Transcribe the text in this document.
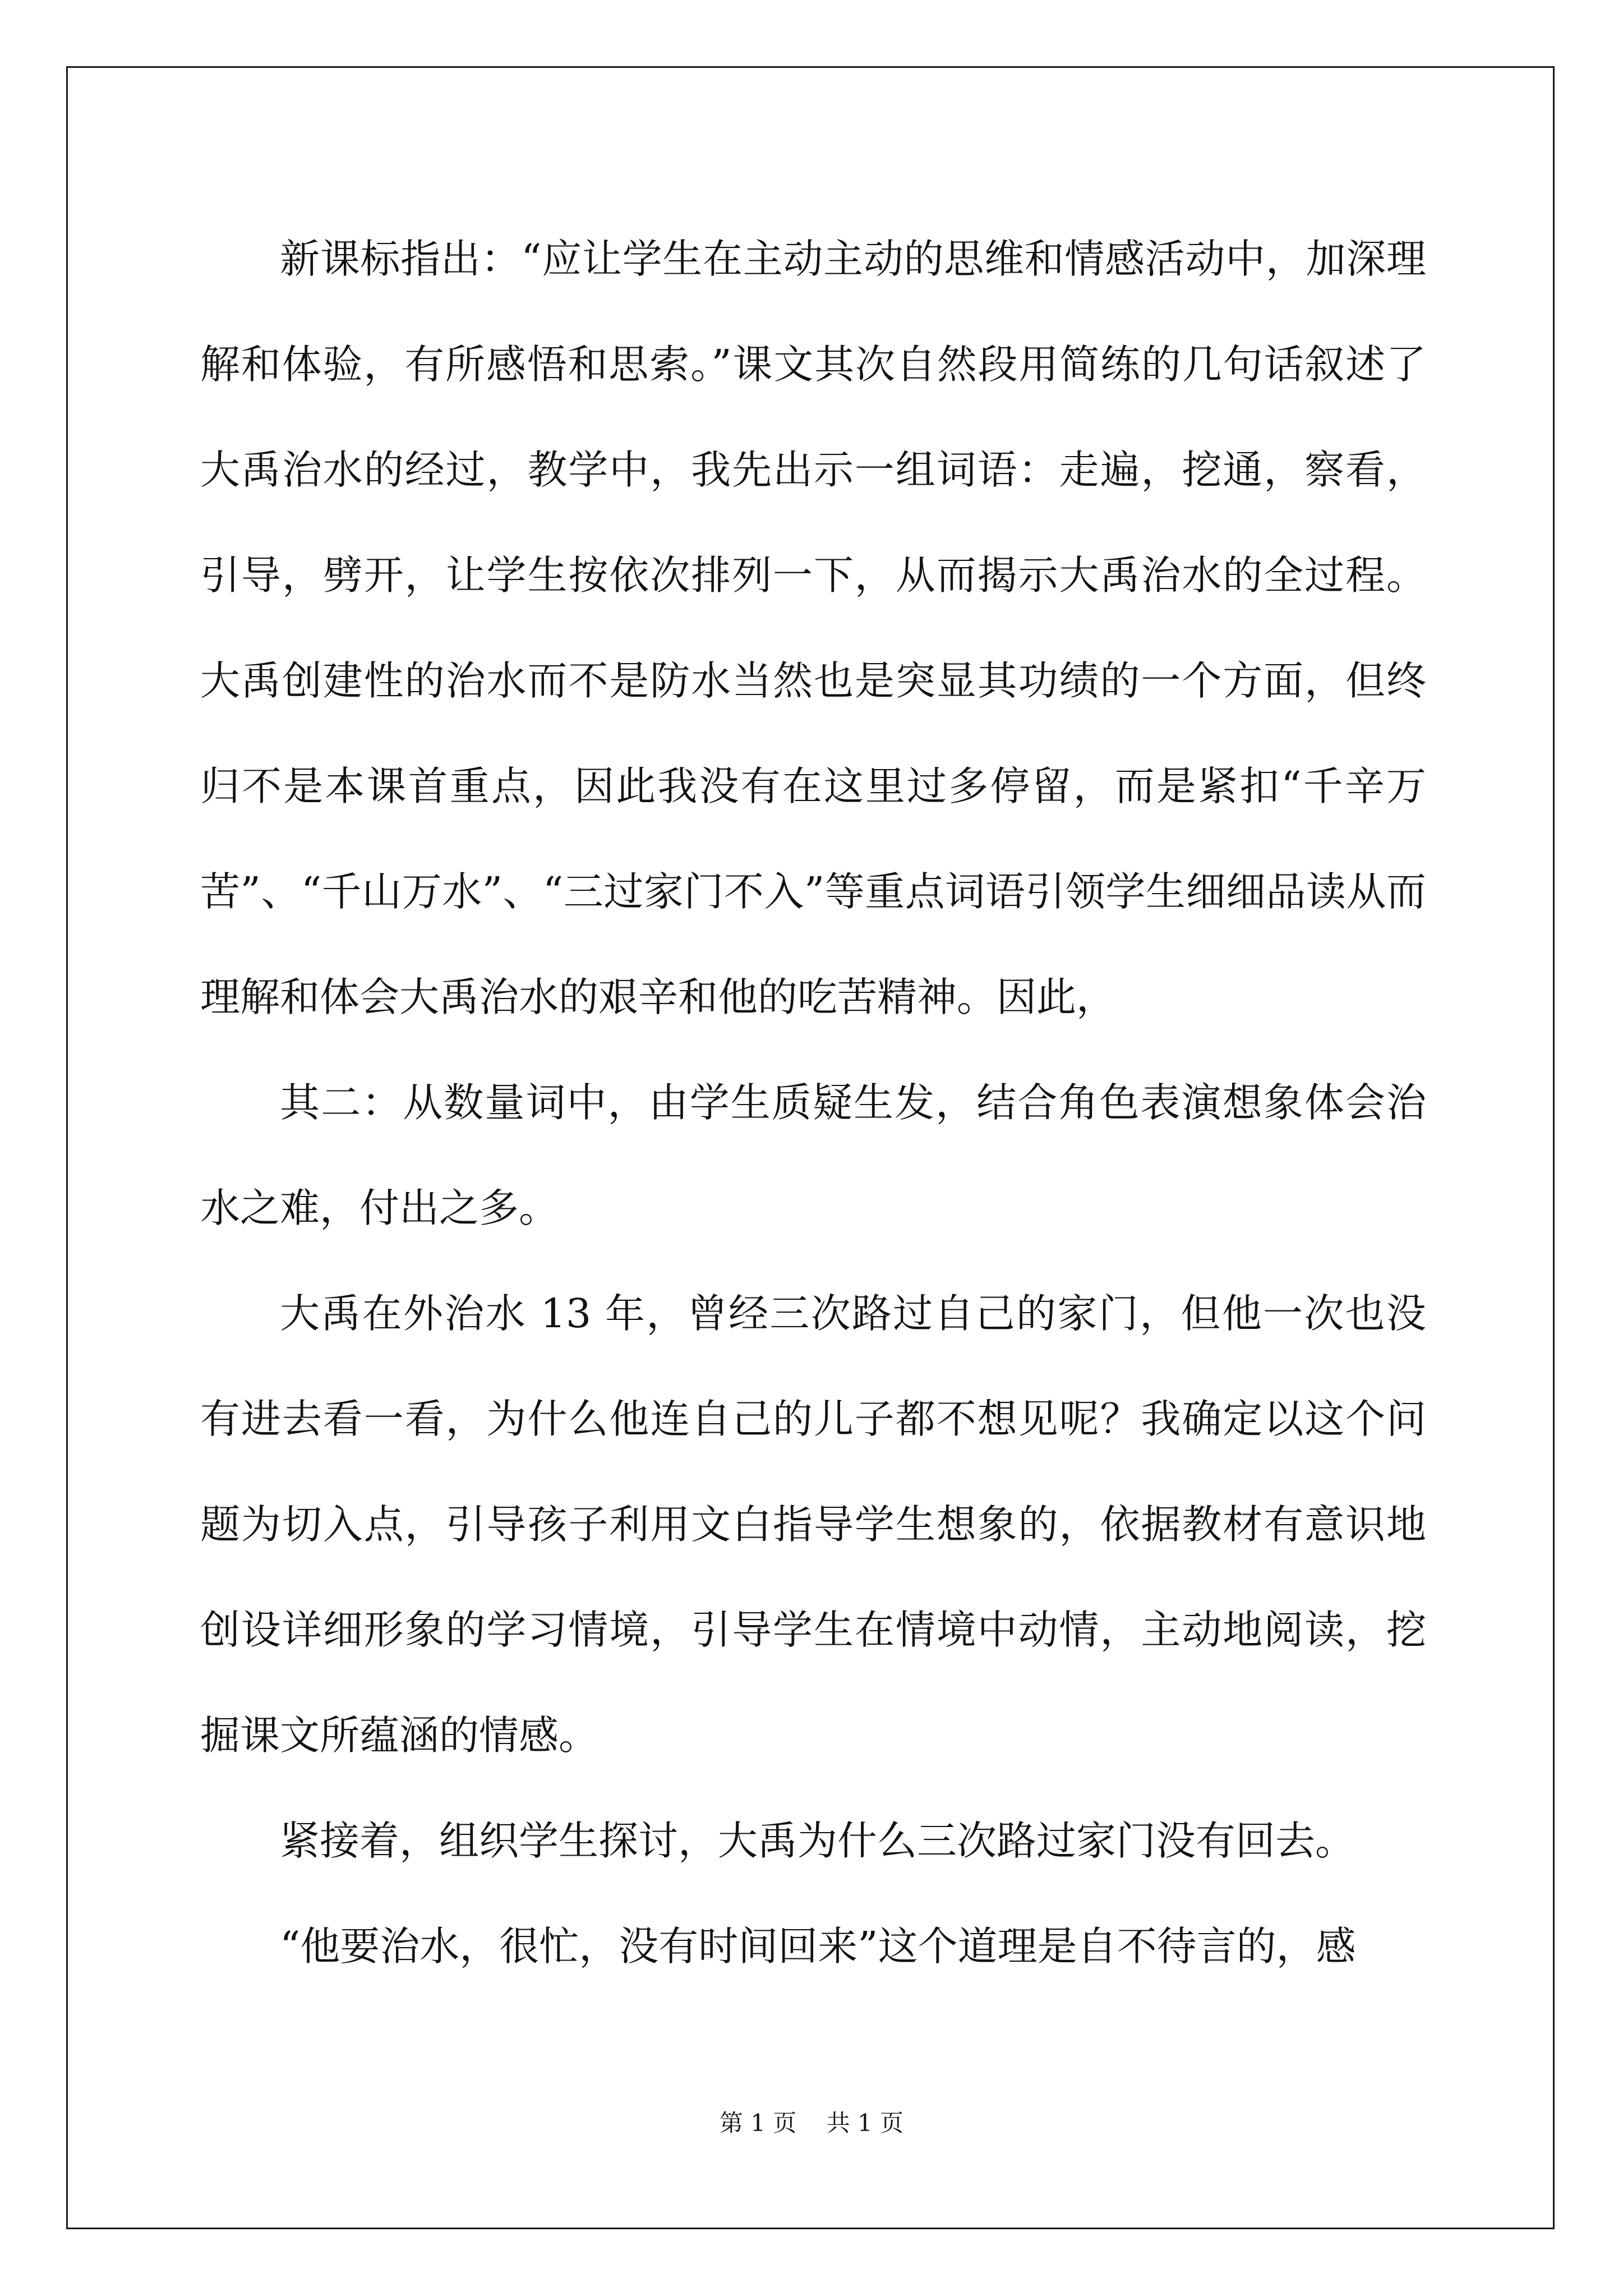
新课标指出：“应让学生在主动主动的思维和情感活动中，加深理解和体验，有所感悟和思索。”课文其次自然段用简练的几句话叙述了大禹治水的经过，教学中，我先出示一组词语：走遍，挖通，察看，引导，劈开，让学生按依次排列一下，从而揭示大禹治水的全过程。大禹创建性的治水而不是防水当然也是突显其功绩的一个方面，但终归不是本课首重点，因此我没有在这里过多停留，而是紧扣“千辛万苦”、“千山万水”、“三过家门不入”等重点词语引领学生细细品读从而理解和体会大禹治水的艰辛和他的吃苦精神。因此，

其二：从数量词中，由学生质疑生发，结合角色表演想象体会治水之难，付出之多。

大禹在外治水 13 年，曾经三次路过自己的家门，但他一次也没有进去看一看，为什么他连自己的儿子都不想见呢？我确定以这个问题为切入点，引导孩子利用文白指导学生想象的，依据教材有意识地创设详细形象的学习情境，引导学生在情境中动情，主动地阅读，挖掘课文所蕴涵的情感。

紧接着，组织学生探讨，大禹为什么三次路过家门没有回去。

“他要治水，很忙，没有时间回来”这个道理是自不待言的，感

第 1 页    共 1 页
